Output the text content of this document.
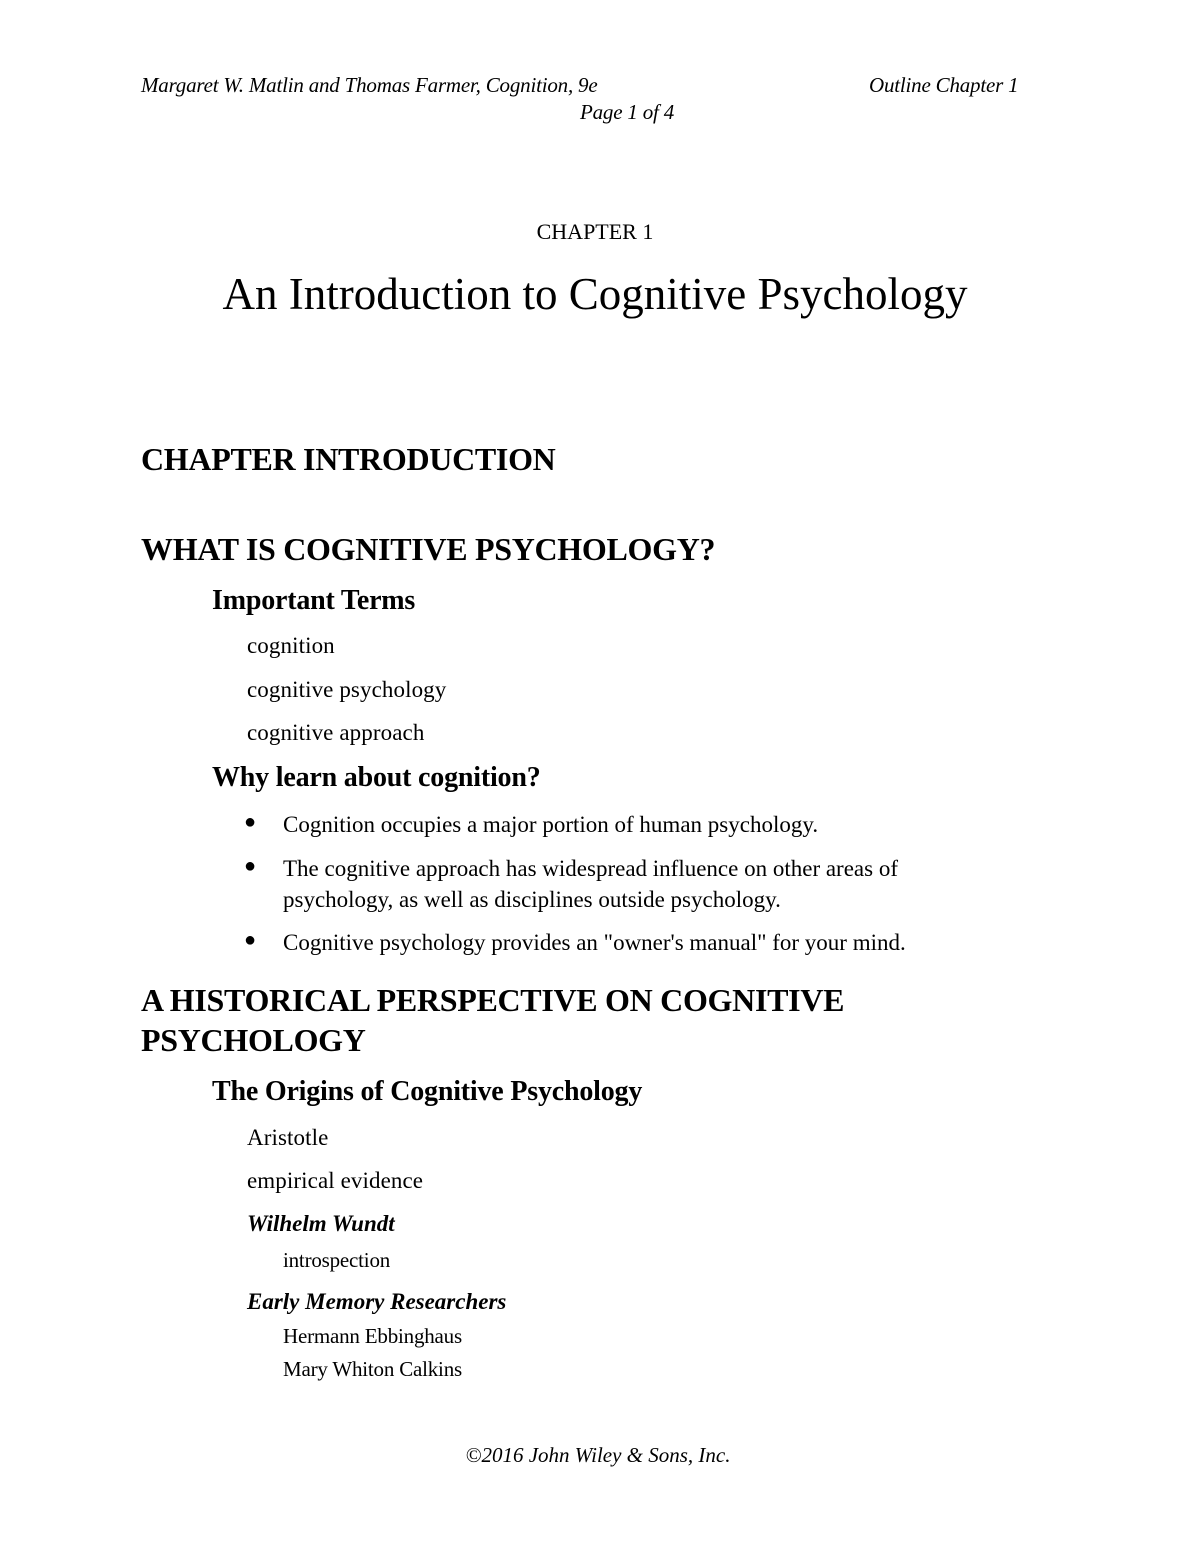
Margaret W. Matlin and Thomas Farmer, Cognition, 9e	Outline Chapter 1
Page 1 of 4
CHAPTER 1
An Introduction to Cognitive Psychology
CHAPTER INTRODUCTION
WHAT IS COGNITIVE PSYCHOLOGY?
Important Terms
cognition
cognitive psychology
cognitive approach
Why learn about cognition?
● Cognition occupies a major portion of human psychology.
● The cognitive approach has widespread influence on other areas of
psychology, as well as disciplines outside psychology.
● Cognitive psychology provides an "owner's manual" for your mind.
A HISTORICAL PERSPECTIVE ON COGNITIVE
PSYCHOLOGY
The Origins of Cognitive Psychology
Aristotle
empirical evidence
Wilhelm Wundt
introspection
Early Memory Researchers
Hermann Ebbinghaus
Mary Whiton Calkins
©2016 John Wiley & Sons, Inc.
